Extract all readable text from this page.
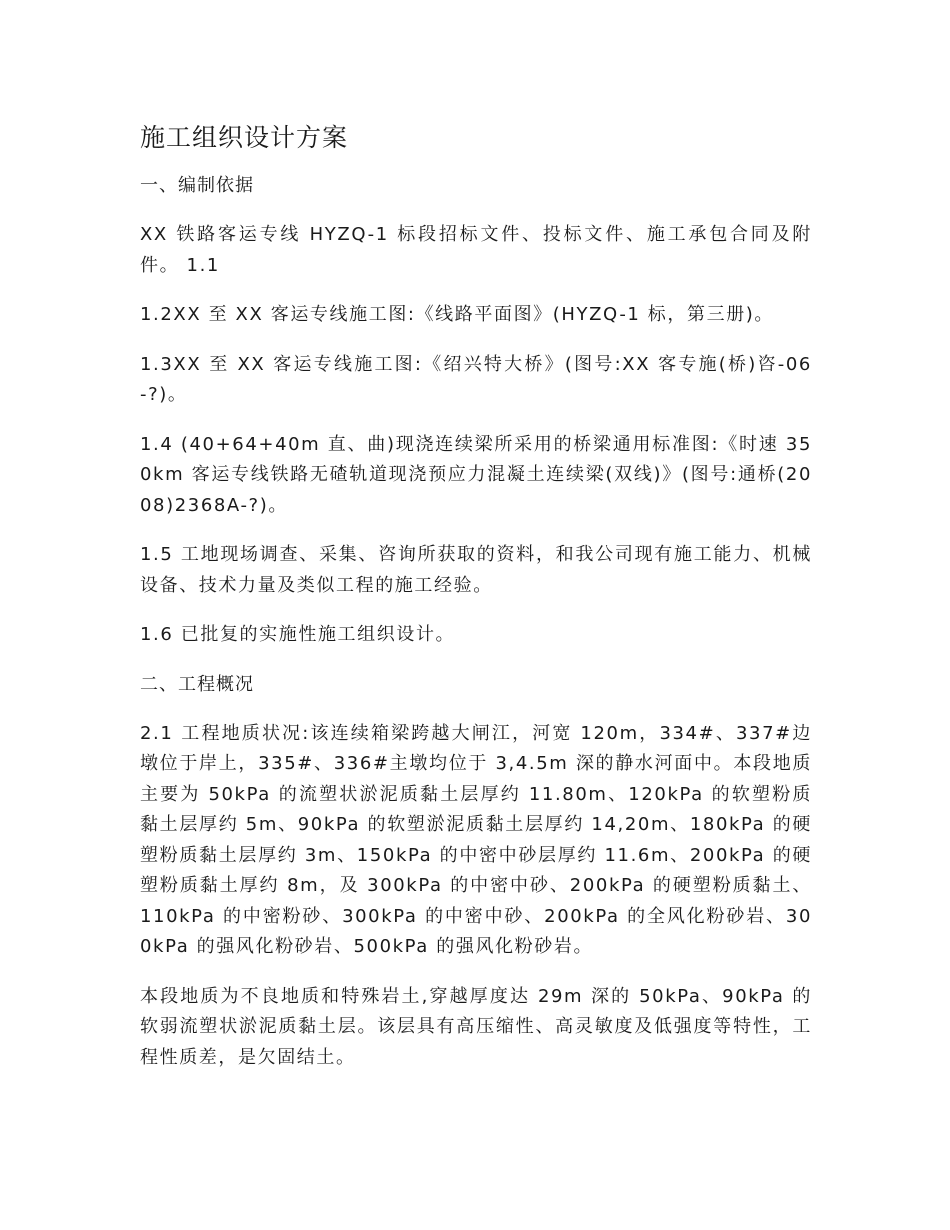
施工组织设计方案
一、编制依据

XX 铁路客运专线 HYZQ-1 标段招标文件、投标文件、施工承包合同及附件。 1.1

1.2XX 至 XX 客运专线施工图:《线路平面图》(HYZQ-1 标，第三册)。

1.3XX 至 XX 客运专线施工图:《绍兴特大桥》(图号:XX 客专施(桥)咨-06-?)。

1.4 (40+64+40m 直、曲)现浇连续梁所采用的桥梁通用标准图:《时速 350km 客运专线铁路无碴轨道现浇预应力混凝土连续梁(双线)》(图号:通桥(2008)2368A-?)。

1.5 工地现场调查、采集、咨询所获取的资料，和我公司现有施工能力、机械设备、技术力量及类似工程的施工经验。

1.6 已批复的实施性施工组织设计。

二、工程概况

2.1 工程地质状况:该连续箱梁跨越大闸江，河宽 120m，334#、337#边墩位于岸上，335#、336#主墩均位于 3,4.5m 深的静水河面中。本段地质主要为 50kPa 的流塑状淤泥质黏土层厚约 11.80m、120kPa 的软塑粉质黏土层厚约 5m、90kPa 的软塑淤泥质黏土层厚约 14,20m、180kPa 的硬塑粉质黏土层厚约 3m、150kPa 的中密中砂层厚约 11.6m、200kPa 的硬塑粉质黏土厚约 8m，及 300kPa 的中密中砂、200kPa 的硬塑粉质黏土、110kPa 的中密粉砂、300kPa 的中密中砂、200kPa 的全风化粉砂岩、300kPa 的强风化粉砂岩、500kPa 的强风化粉砂岩。

本段地质为不良地质和特殊岩土,穿越厚度达 29m 深的 50kPa、90kPa 的软弱流塑状淤泥质黏土层。该层具有高压缩性、高灵敏度及低强度等特性，工程性质差，是欠固结土。
